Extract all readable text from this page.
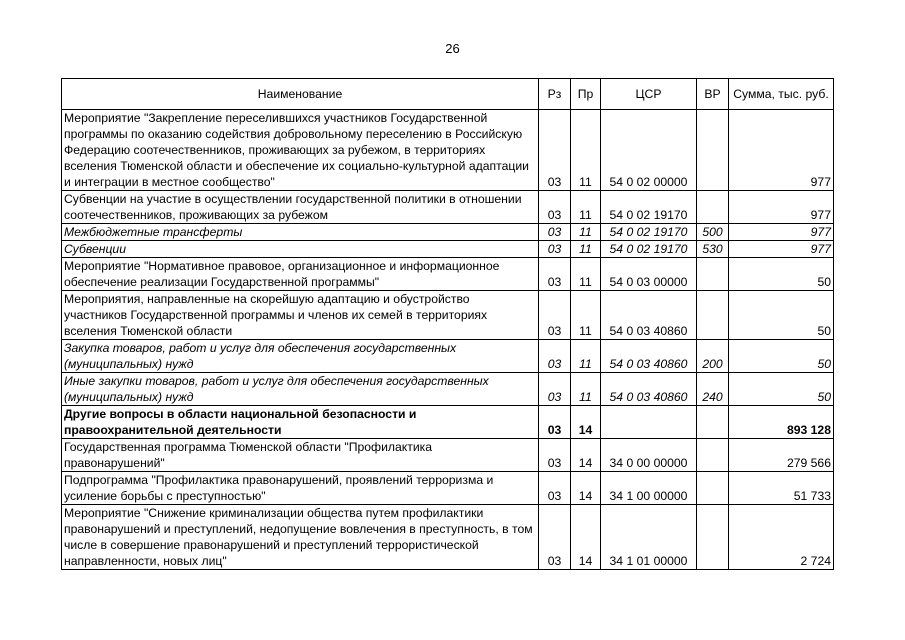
26
Наименование	Рз	Пр	ЦСР	ВР	Сумма, тыс. руб.
Мероприятие "Закрепление переселившихся участников Государственной программы по оказанию содействия добровольному переселению в Российскую Федерацию соотечественников, проживающих за рубежом, в территориях вселения Тюменской области и обеспечение их социально-культурной адаптации и интеграции в местное сообщество"	03	11	54 0 02 00000		977
Субвенции на участие в осуществлении государственной политики в отношении соотечественников, проживающих за рубежом	03	11	54 0 02 19170		977
Межбюджетные трансферты	03	11	54 0 02 19170	500	977
Субвенции	03	11	54 0 02 19170	530	977
Мероприятие "Нормативное правовое, организационное и информационное обеспечение реализации Государственной программы"	03	11	54 0 03 00000		50
Мероприятия, направленные на скорейшую адаптацию и обустройство участников Государственной программы и членов их семей в территориях вселения Тюменской области	03	11	54 0 03 40860		50
Закупка товаров, работ и услуг для обеспечения государственных (муниципальных) нужд	03	11	54 0 03 40860	200	50
Иные закупки товаров, работ и услуг для обеспечения государственных (муниципальных) нужд	03	11	54 0 03 40860	240	50
Другие вопросы в области национальной безопасности и правоохранительной деятельности	03	14			893 128
Государственная программа Тюменской области "Профилактика правонарушений"	03	14	34 0 00 00000		279 566
Подпрограмма "Профилактика правонарушений, проявлений терроризма и усиление борьбы с преступностью"	03	14	34 1 00 00000		51 733
Мероприятие "Снижение криминализации общества путем профилактики правонарушений и преступлений, недопущение вовлечения в преступность, в том числе в совершение правонарушений и преступлений террористической направленности, новых лиц"	03	14	34 1 01 00000		2 724
